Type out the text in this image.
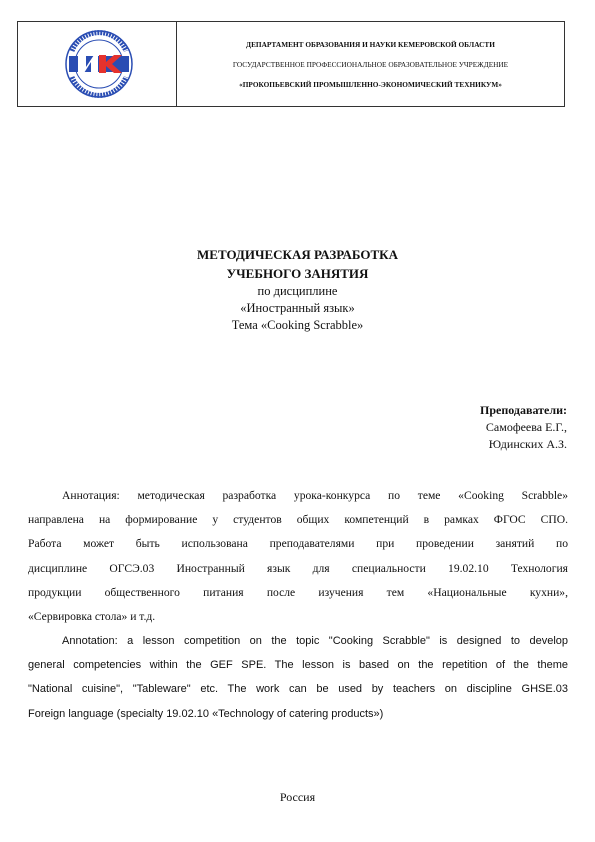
ДЕПАРТАМЕНТ ОБРАЗОВАНИЯ И НАУКИ КЕМЕРОВСКОЙ ОБЛАСТИ
ГОСУДАРСТВЕННОЕ ПРОФЕССИОНАЛЬНОЕ ОБРАЗОВАТЕЛЬНОЕ УЧРЕЖДЕНИЕ
«ПРОКОПЬЕВСКИЙ ПРОМЫШЛЕННО-ЭКОНОМИЧЕСКИЙ ТЕХНИКУМ»
МЕТОДИЧЕСКАЯ РАЗРАБОТКА
УЧЕБНОГО ЗАНЯТИЯ
по дисциплине
«Иностранный язык»
Тема «Cooking Scrabble»
Преподаватели:
Самофеева Е.Г.,
Юдинских А.З.
Аннотация: методическая разработка урока-конкурса по теме «Cooking Scrabble»
направлена на формирование у студентов общих компетенций в рамках ФГОС СПО.
Работа может быть использована преподавателями при проведении занятий по
дисциплине ОГСЭ.03 Иностранный язык для специальности 19.02.10 Технология
продукции общественного питания после изучения тем «Национальные кухни»,
«Сервировка стола» и т.д.
Annotation: a lesson competition on the topic "Cooking Scrabble" is designed to develop
general competencies within the GEF SPE. The lesson is based on the repetition of the theme
"National cuisine", "Tableware" etc. The work can be used by teachers on discipline GHSE.03
Foreign language (specialty 19.02.10 «Technology of catering products»)
Россия
